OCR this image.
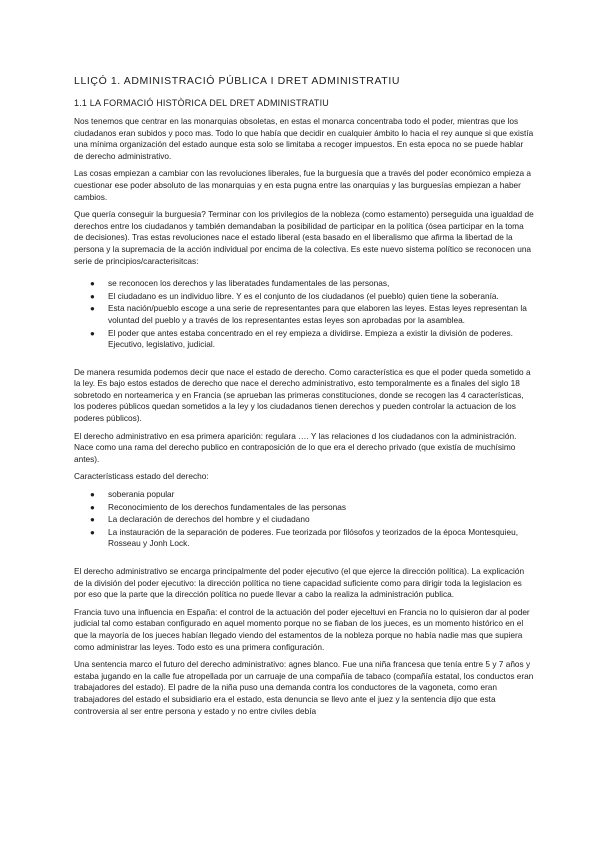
LLIÇÓ 1. ADMINISTRACIÓ PÚBLICA I DRET ADMINISTRATIU
1.1 LA FORMACIÓ HISTÒRICA DEL DRET ADMINISTRATIU

Nos tenemos que centrar en las monarquias obsoletas, en estas el monarca concentraba todo el poder, mientras que los ciudadanos eran subidos y poco mas. Todo lo que había que decidir en cualquier ámbito lo hacia el rey aunque si que existía una mínima organización del estado aunque esta solo se limitaba a recoger impuestos. En esta epoca no se puede hablar de derecho administrativo.

Las cosas empiezan a cambiar con las revoluciones liberales, fue la burguesía que a través del poder económico empieza a cuestionar ese poder absoluto de las monarquias y en esta pugna entre las onarquias y las burguesías empiezan a haber cambios.

Que quería conseguir la burguesia? Terminar con los privilegios de la nobleza (como estamento) perseguida una igualdad de derechos entre los ciudadanos y también demandaban la posibilidad de participar en la política (ósea participar en la toma de decisiones). Tras estas revoluciones nace el estado liberal (esta basado en el liberalismo que afirma la libertad de la persona y la supremacia de la acción individual por encima de la colectiva. Es este nuevo sistema político se reconocen una serie de principios/caracterisitcas:

● se reconocen los derechos y las liberatades fundamentales de las personas,
● El ciudadano es un individuo libre. Y es el conjunto de los ciudadanos (el pueblo) quien tiene la soberanía.
● Esta nación/pueblo escoge a una serie de representantes para que elaboren las leyes. Estas leyes representan la voluntad del pueblo y a través de los representantes estas leyes son aprobadas por la asamblea.
● El poder que antes estaba concentrado en el rey empieza a dividirse. Empieza a existir la división de poderes. Ejecutivo, legislativo, judicial.

De manera resumida podemos decir que nace el estado de derecho. Como característica es que el poder queda sometido a la ley. Es bajo estos estados de derecho que nace el derecho administrativo, esto temporalmente es a finales del siglo 18 sobretodo en norteamerica y en Francia (se aprueban las primeras constituciones, donde se recogen las 4 características, los poderes públicos quedan sometidos a la ley y los ciudadanos tienen derechos y pueden controlar la actuacion de los poderes públicos).

El derecho administrativo en esa primera aparición: regulara …. Y las relaciones d los ciudadanos con la administración. Nace como una rama del derecho publico en contraposición de lo que era el derecho privado (que existía de muchísimo antes).

Característicass estado del derecho:

● soberania popular
● Reconocimiento de los derechos fundamentales de las personas
● La declaración de derechos del hombre y el ciudadano
● La instauración de la separación de poderes. Fue teorizada por filósofos y teorizados de la época Montesquieu, Rosseau y Jonh Lock.

El derecho administrativo se encarga principalmente del poder ejecutivo (el que ejerce la dirección política). La explicación de la división del poder ejecutivo: la dirección política no tiene capacidad suficiente como para dirigir toda la legislacion es por eso que la parte que la dirección política no puede llevar a cabo la realiza la administración publica.

Francia tuvo una influencia en España: el control de la actuación del poder ejeceltuvi en Francia no lo quisieron dar al poder judicial tal como estaban configurado en aquel momento porque no se fiaban de los jueces, es un momento histórico en el que la mayoría de los jueces habían llegado viendo del estamentos de la nobleza porque no había nadie mas que supiera como administrar las leyes. Todo esto es una primera configuración.

Una sentencia marco el futuro del derecho administrativo: agnes blanco. Fue una niña francesa que tenía entre 5 y 7 años y estaba jugando en la calle fue atropellada por un carruaje de una compañía de tabaco (compañía estatal, los conductos eran trabajadores del estado). El padre de la niña puso una demanda contra los conductores de la vagoneta, como eran trabajadores del estado el subsidiario era el estado, esta denuncia se llevo ante el juez y la sentencia dijo que esta controversia al ser entre persona y estado y no entre civiles debía
